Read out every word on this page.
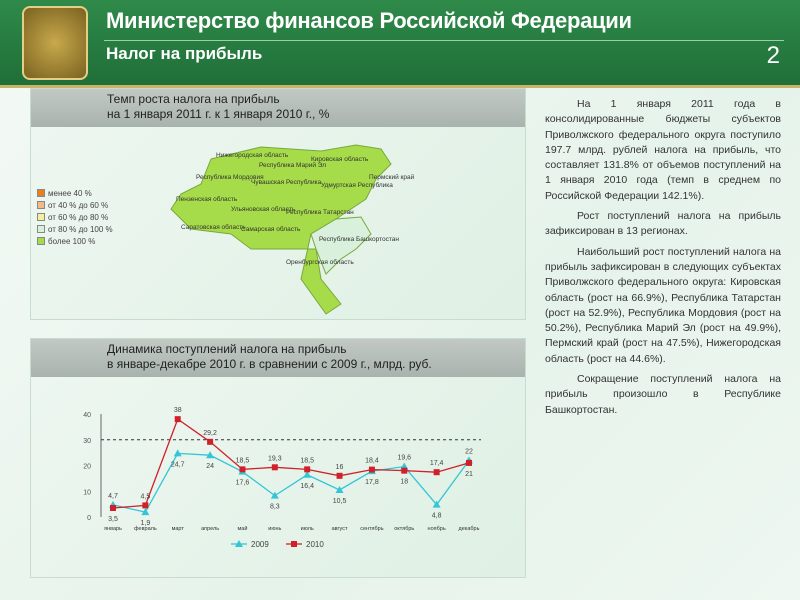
Министерство финансов Российской Федерации
Налог на прибыль	2
Темп роста налога на прибыль
на 1 января 2011 г. к 1 января 2010 г., %
менее 40 %
от 40 % до 60 %
от 60 % до 80 %
от 80 % до 100 %
более 100 %
Нижегородская область
Республика Марий Эл
Кировская область
Республика Мордовия
Чувашская Республика Удмуртская Республика
Пермский край
Пензенская область
Ульяновская область
Республика Татарстан
Саратовская область
Самарская область
Республика Башкортостан
Оренбургская область
Динамика поступлений налога на прибыль
в январе-декабре 2010 г. в сравнении с 2009 г., млрд. руб.
0
10
20
30
40
январь февраль	март	апрель	май	июнь	июль	август сентябрь октябрь ноябрь декабрь
4,7
1,9
24,7	24
17,6
8,3
16,4
10,5
17,8
19,6
4,8
22
3,5
4,5
38
29,2
18,5	19,3	18,5
16
18,4
18
17,4
21
2009	2010

На 1 января 2011 года в консолидированные бюджеты субъектов Приволжского федерального округа поступило 197.7 млрд. рублей налога на прибыль, что составляет 131.8% от объемов поступлений на 1 января 2010 года (темп в среднем по Российской Федерации 142.1%).

Рост поступлений налога на прибыль зафиксирован в 13 регионах.

Наибольший рост поступлений налога на прибыль зафиксирован в следующих субъектах Приволжского федерального округа: Кировская область (рост на 66.9%), Республика Татарстан (рост на 52.9%), Республика Мордовия (рост на 50.2%), Республика Марий Эл (рост на 49.9%), Пермский край (рост на 47.5%), Нижегородская область (рост на 44.6%).

Сокращение поступлений налога на прибыль произошло в Республике Башкортостан.
